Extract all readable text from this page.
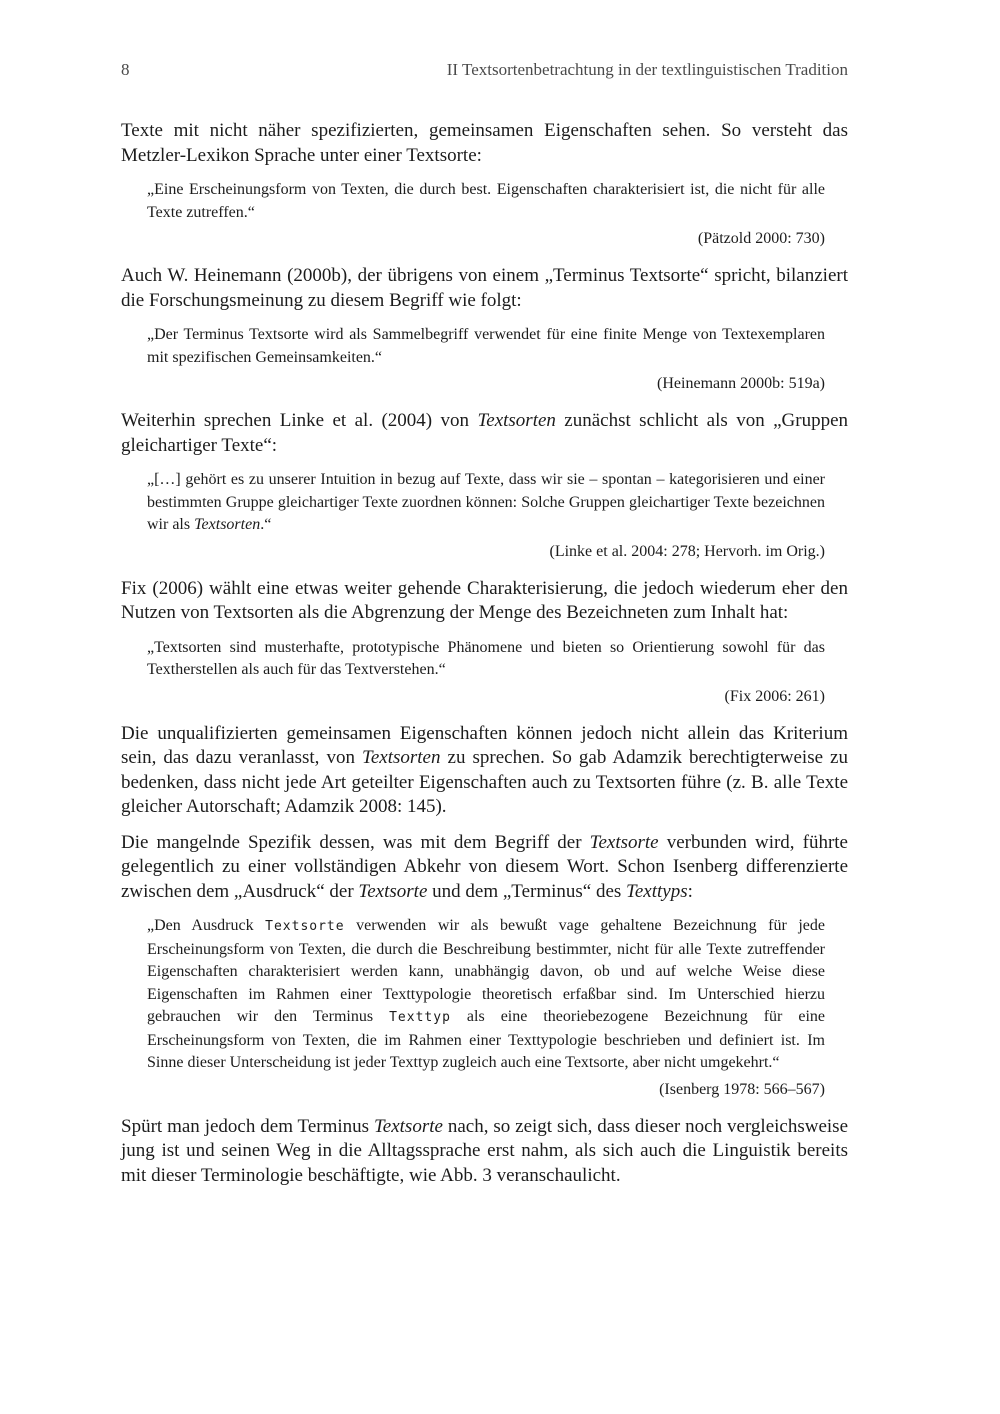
8	II Textsortenbetrachtung in der textlinguistischen Tradition

Texte mit nicht näher spezifizierten, gemeinsamen Eigenschaften sehen. So versteht das Metzler-Lexikon Sprache unter einer Textsorte:

„Eine Erscheinungsform von Texten, die durch best. Eigenschaften charakterisiert ist, die nicht für alle Texte zutreffen.“
(Pätzold 2000: 730)

Auch W. Heinemann (2000b), der übrigens von einem „Terminus Textsorte“ spricht, bilanziert die Forschungsmeinung zu diesem Begriff wie folgt:

„Der Terminus Textsorte wird als Sammelbegriff verwendet für eine finite Menge von Textexemplaren mit spezifischen Gemeinsamkeiten.“
(Heinemann 2000b: 519a)

Weiterhin sprechen Linke et al. (2004) von Textsorten zunächst schlicht als von „Gruppen gleichartiger Texte“:

„[…] gehört es zu unserer Intuition in bezug auf Texte, dass wir sie – spontan – kategorisieren und einer bestimmten Gruppe gleichartiger Texte zuordnen können: Solche Gruppen gleichartiger Texte bezeichnen wir als Textsorten.“
(Linke et al. 2004: 278; Hervorh. im Orig.)

Fix (2006) wählt eine etwas weiter gehende Charakterisierung, die jedoch wiederum eher den Nutzen von Textsorten als die Abgrenzung der Menge des Bezeichneten zum Inhalt hat:

„Textsorten sind musterhafte, prototypische Phänomene und bieten so Orientierung sowohl für das Textherstellen als auch für das Textverstehen.“
(Fix 2006: 261)

Die unqualifizierten gemeinsamen Eigenschaften können jedoch nicht allein das Kriterium sein, das dazu veranlasst, von Textsorten zu sprechen. So gab Adamzik berechtigterweise zu bedenken, dass nicht jede Art geteilter Eigenschaften auch zu Textsorten führe (z. B. alle Texte gleicher Autorschaft; Adamzik 2008: 145).

Die mangelnde Spezifik dessen, was mit dem Begriff der Textsorte verbunden wird, führte gelegentlich zu einer vollständigen Abkehr von diesem Wort. Schon Isenberg differenzierte zwischen dem „Ausdruck“ der Textsorte und dem „Terminus“ des Texttyps:

„Den Ausdruck Textsorte verwenden wir als bewußt vage gehaltene Bezeichnung für jede Erscheinungsform von Texten, die durch die Beschreibung bestimmter, nicht für alle Texte zutreffender Eigenschaften charakterisiert werden kann, unabhängig davon, ob und auf welche Weise diese Eigenschaften im Rahmen einer Texttypologie theoretisch erfaßbar sind. Im Unterschied hierzu gebrauchen wir den Terminus Texttyp als eine theoriebezogene Bezeichnung für eine Erscheinungsform von Texten, die im Rahmen einer Texttypologie beschrieben und definiert ist. Im Sinne dieser Unterscheidung ist jeder Texttyp zugleich auch eine Textsorte, aber nicht umgekehrt.“
(Isenberg 1978: 566–567)

Spürt man jedoch dem Terminus Textsorte nach, so zeigt sich, dass dieser noch vergleichsweise jung ist und seinen Weg in die Alltagssprache erst nahm, als sich auch die Linguistik bereits mit dieser Terminologie beschäftigte, wie Abb. 3 veranschaulicht.
